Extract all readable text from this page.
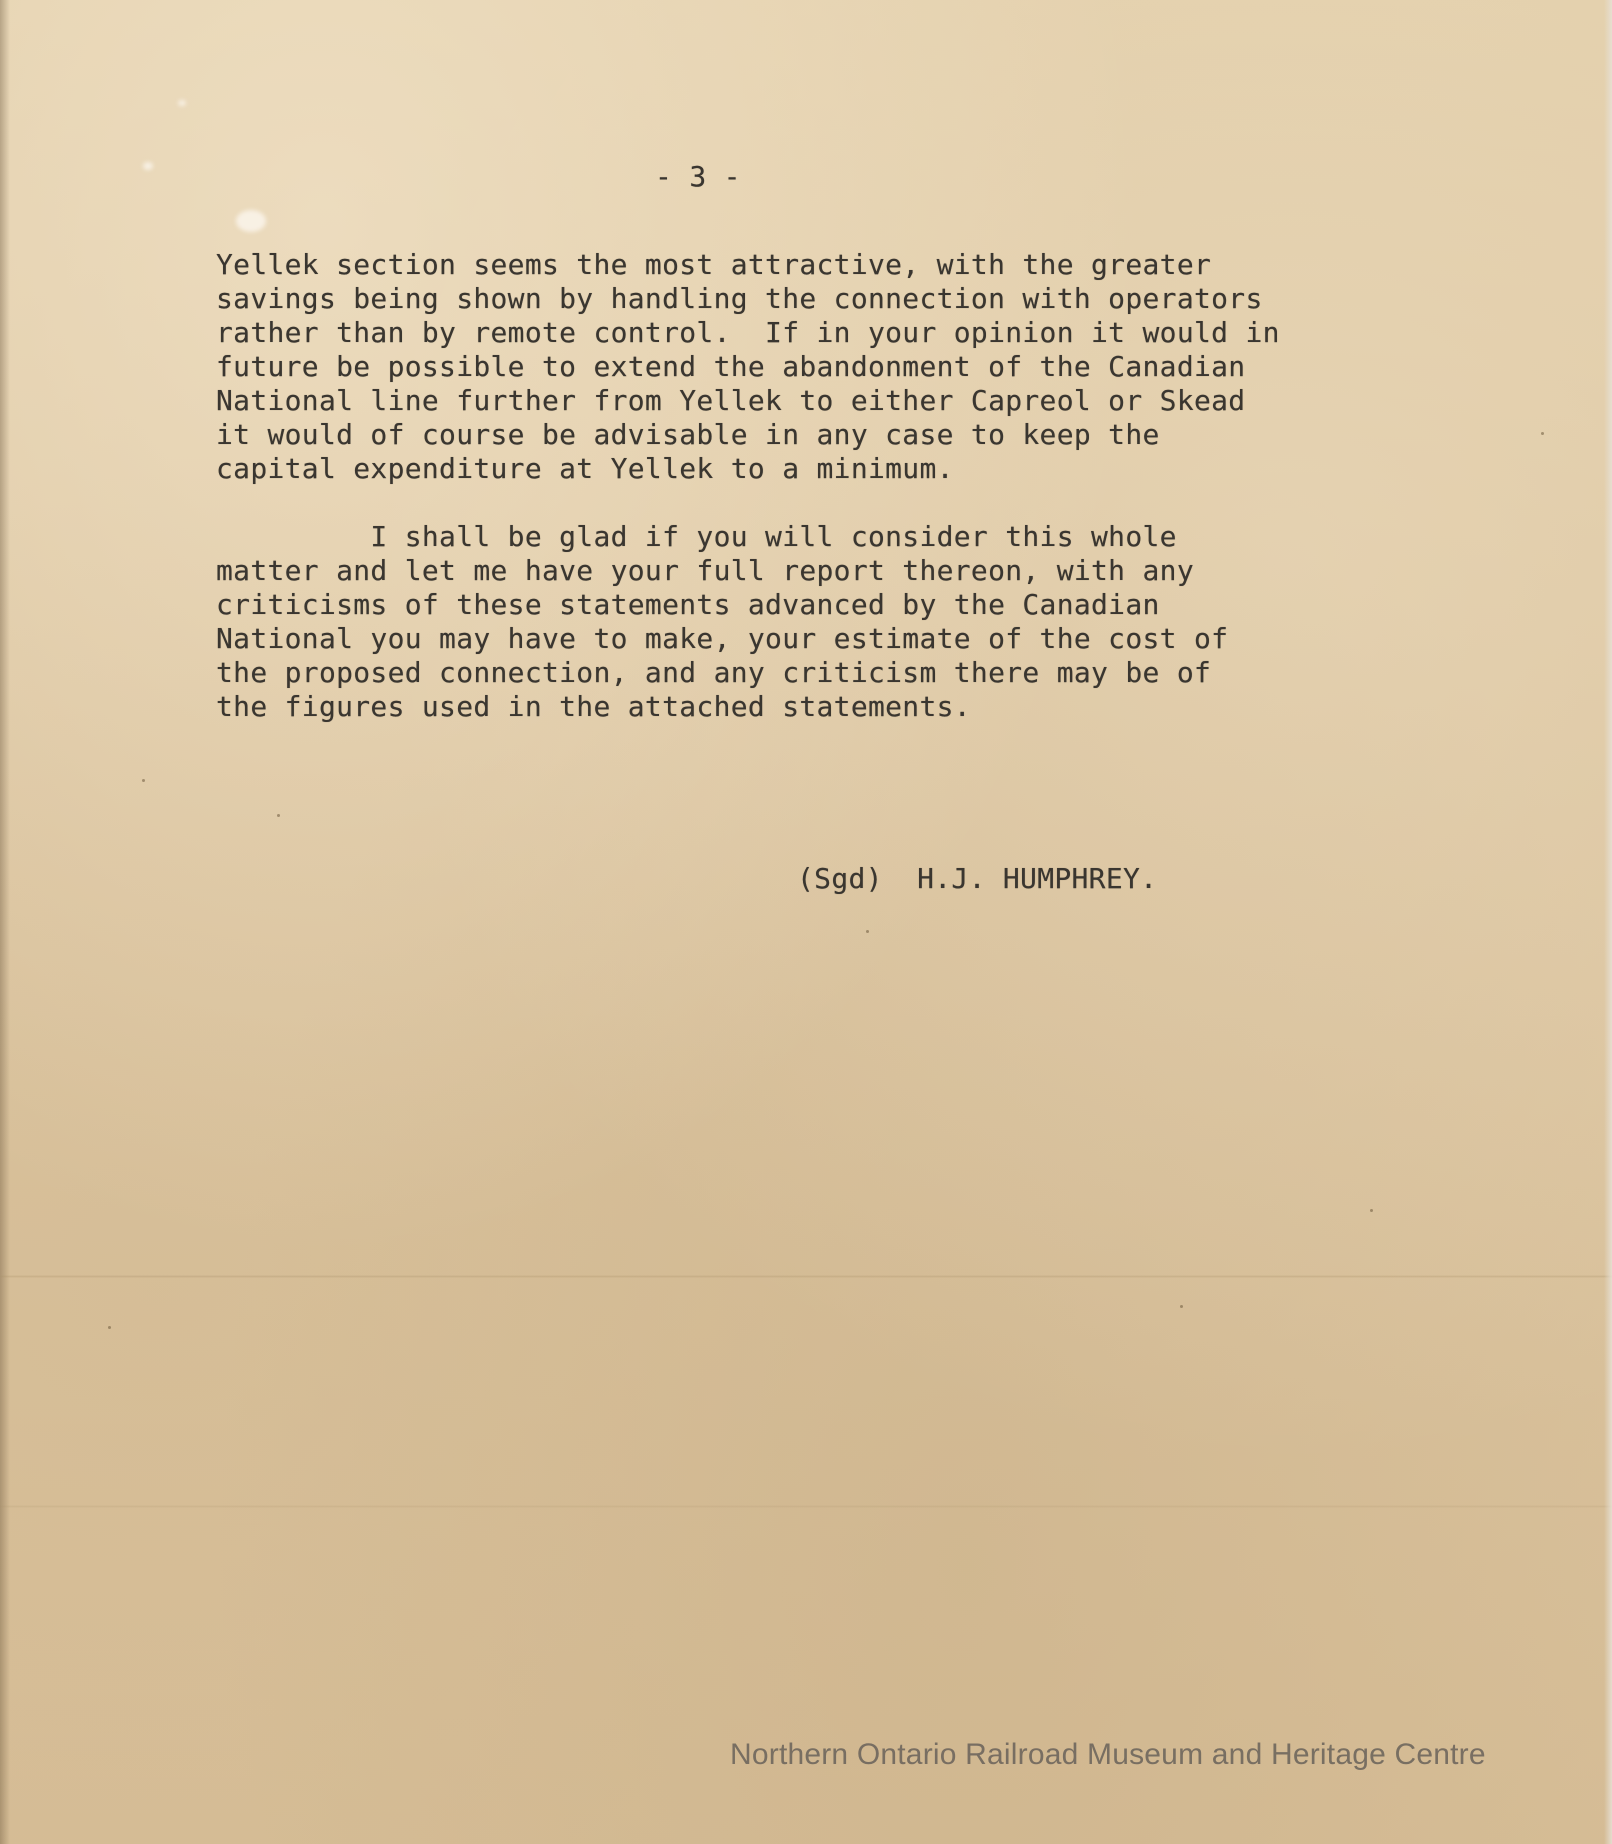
- 3 -
Yellek section seems the most attractive, with the greater
savings being shown by handling the connection with operators
rather than by remote control.  If in your opinion it would in
future be possible to extend the abandonment of the Canadian
National line further from Yellek to either Capreol or Skead
it would of course be advisable in any case to keep the
capital expenditure at Yellek to a minimum.
I shall be glad if you will consider this whole
matter and let me have your full report thereon, with any
criticisms of these statements advanced by the Canadian
National you may have to make, your estimate of the cost of
the proposed connection, and any criticism there may be of
the figures used in the attached statements.
(Sgd)  H.J. HUMPHREY.
Northern Ontario Railroad Museum and Heritage Centre
